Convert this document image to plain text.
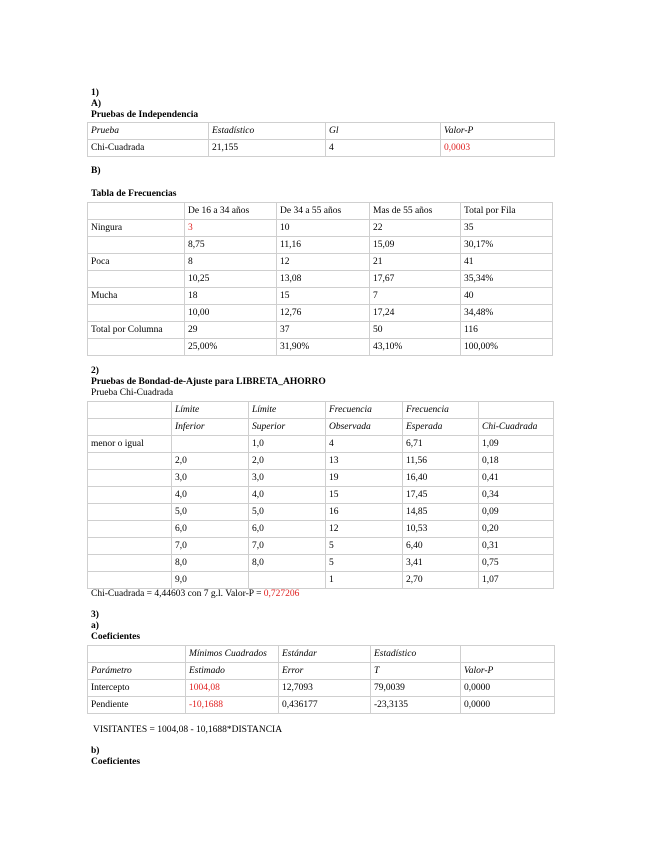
1)
A)
Pruebas de Independencia
Prueba	Estadístico	Gl	Valor-P
Chi-Cuadrada	21,155	4	0,0003
B)
Tabla de Frecuencias
	De 16 a 34 años	De 34 a 55 años	Mas de 55 años	Total por Fila
Ningura	3	10	22	35
	8,75	11,16	15,09	30,17%
Poca	8	12	21	41
	10,25	13,08	17,67	35,34%
Mucha	18	15	7	40
	10,00	12,76	17,24	34,48%
Total por Columna	29	37	50	116
	25,00%	31,90%	43,10%	100,00%
2)
Pruebas de Bondad-de-Ajuste para LIBRETA_AHORRO
Prueba Chi-Cuadrada
	Límite	Límite	Frecuencia	Frecuencia	
	Inferior	Superior	Observada	Esperada	Chi-Cuadrada
menor o igual		1,0	4	6,71	1,09
	2,0	2,0	13	11,56	0,18
	3,0	3,0	19	16,40	0,41
	4,0	4,0	15	17,45	0,34
	5,0	5,0	16	14,85	0,09
	6,0	6,0	12	10,53	0,20
	7,0	7,0	5	6,40	0,31
	8,0	8,0	5	3,41	0,75
	9,0		1	2,70	1,07
Chi-Cuadrada = 4,44603 con 7 g.l. Valor-P = 0,727206
3)
a)
Coeficientes
	Mínimos Cuadrados	Estándar	Estadístico	
Parámetro	Estimado	Error	T	Valor-P
Intercepto	1004,08	12,7093	79,0039	0,0000
Pendiente	-10,1688	0,436177	-23,3135	0,0000
VISITANTES = 1004,08 - 10,1688*DISTANCIA
b)
Coeficientes
